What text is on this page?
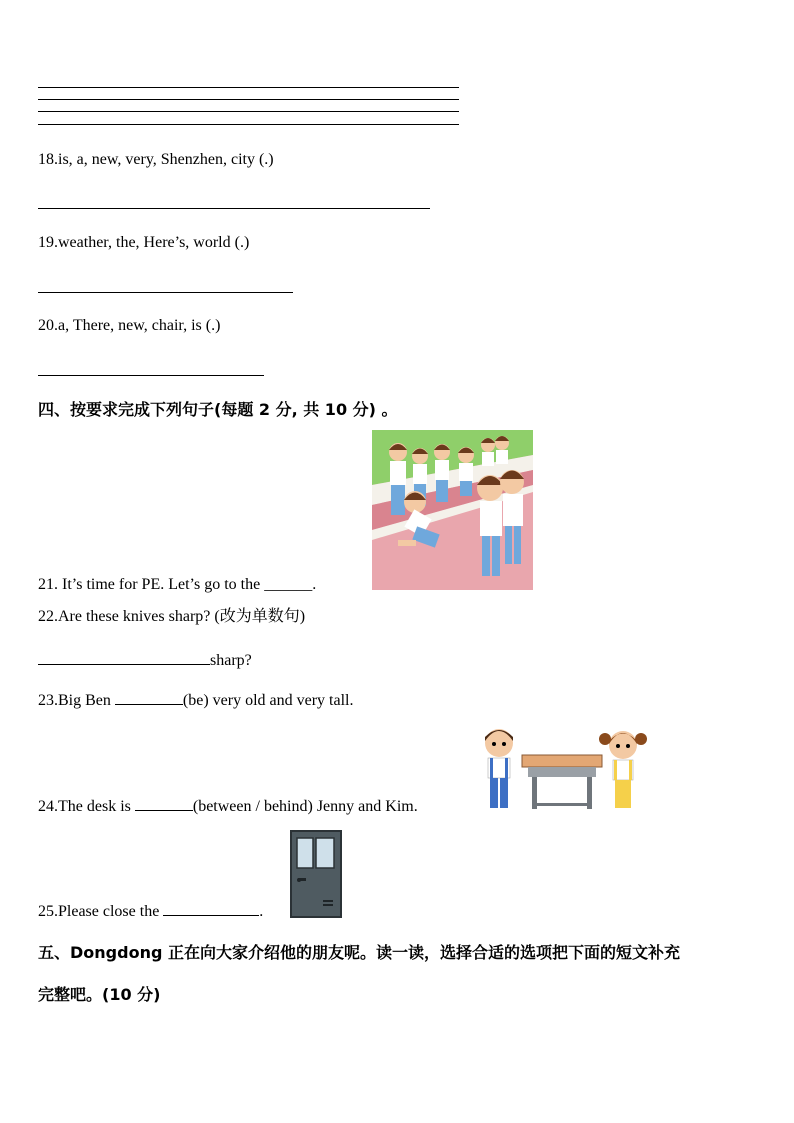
18.is, a, new, very, Shenzhen, city (.)
19.weather, the, Here’s, world (.)
20.a, There, new, chair, is (.)
四、按要求完成下列句子(每题 2 分, 共 10 分) 。
21. It’s time for PE. Let’s go to the ______.
22.Are these knives sharp? (改为单数句)
sharp?
23.Big Ben	(be) very old and very tall.
24.The desk is	(between / behind) Jenny and Kim.
25.Please close the	.
五、Dongdong 正在向大家介绍他的朋友呢。读一读，选择合适的选项把下面的短文补充
完整吧。(10 分)
